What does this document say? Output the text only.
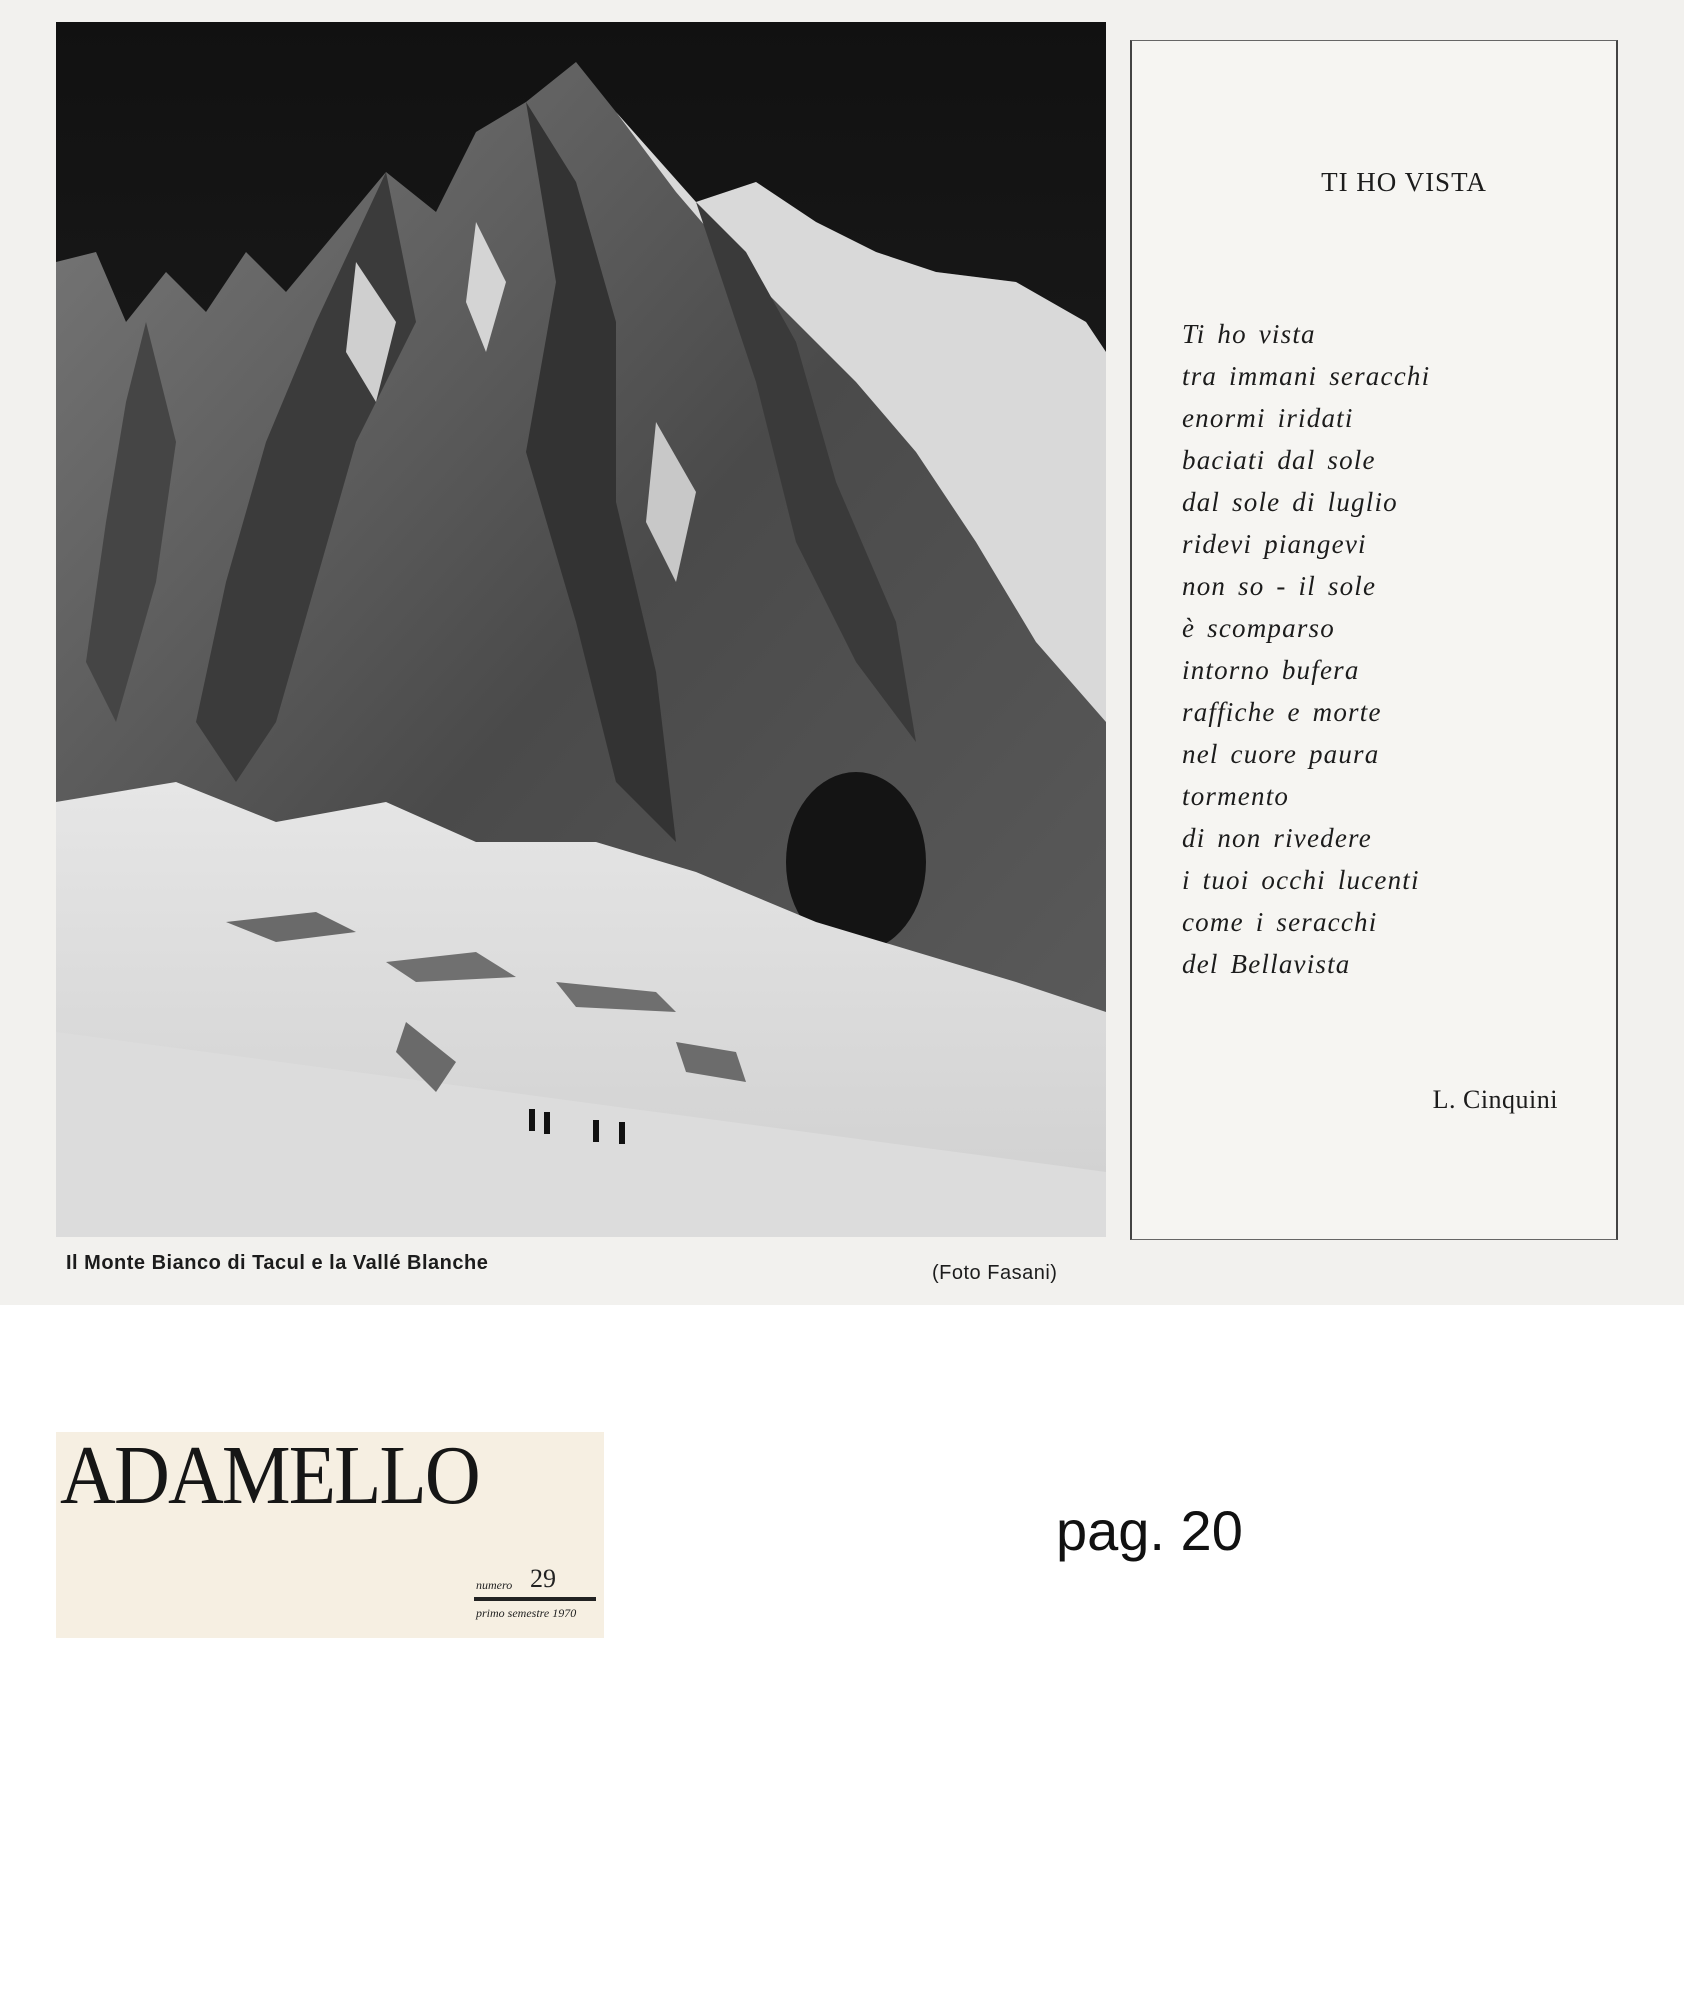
Il Monte Bianco di Tacul e la Vallé Blanche	(Foto Fasani)
TI HO VISTA
Ti ho vista
tra immani seracchi
enormi iridati
baciati dal sole
dal sole di luglio
ridevi piangevi
non so - il sole
è scomparso
intorno bufera
raffiche e morte
nel cuore paura
tormento
di non rivedere
i tuoi occhi lucenti
come i seracchi
del Bellavista
L. Cinquini
ADAMELLO
numero 29
primo semestre 1970
pag. 20
